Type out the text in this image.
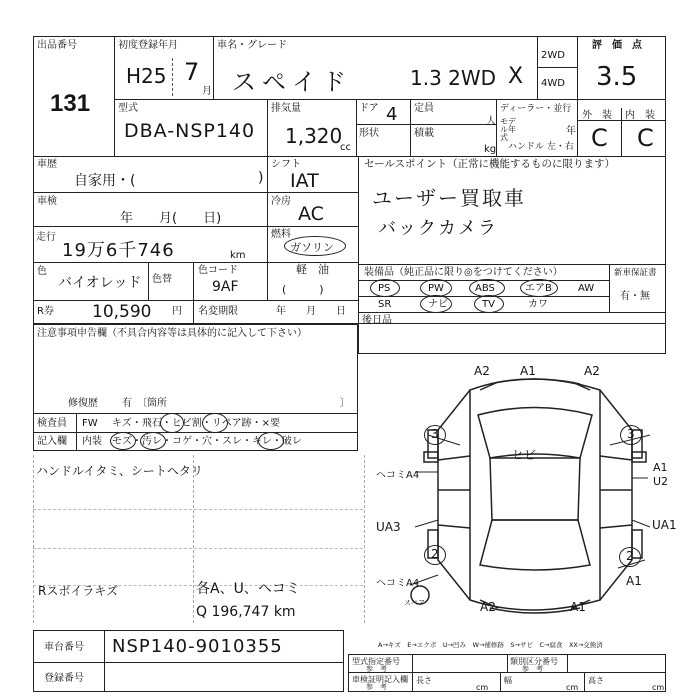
出品番号
131
初度登録年月
H25 7
月
車名・グレード
スペイド	1.3 2WD X
2WD
4WD
評　価　点
3.5
型式
DBA-NSP140
排気量
1,320
cc
ドア 4
形状
定員
人
積載
kg
ディーラー・並行
モデル年式
年
ハンドル 左・右
外　装 内　装
C C
車歴
自家用・(	)
車検
年　　月(　　日)
走行
19万6千746	km
色
バイオレッド 色替
色コード
9AF
R券 10,590 円 名変期限	年　　月　　日
シフト
IAT
冷房
AC
燃料
ガソリン
軽　油
(　　　)
セールスポイント（正常に機能するものに限ります）
ユーザー買取車
バックカメラ
装備品（純正品に限り◎をつけてください）
PS	PW	ABS	エアB	AW
SR	ナビ	TV	カワ
新車保証書
有・無
後日品
注意事項申告欄（不具合内容等は具体的に記入して下さい）
修復歴 有　〔箇所	〕
検査員 FW キズ・飛石・ヒビ割・リペア跡・×要
記入欄 内装　モズ・汚レ・コゲ・穴・スレ・キレ・破レ
ハンドルイタミ、シートヘタリ
Rスポイラキズ	各A、U、ヘコミ
Q 196,747 km
A2	A1	A2
3	3
ヒビ
A1
U2
ヘコミA4
UA3	UA1
2
ヘコミA4
2
A1
A2	A1
スペア
A→キズ　E→エクボ　U→凹み　W→補修跡　S→サビ　C→腐食　XX→交換済
車台番号 NSP140-9010355
登録番号
型式指定番号
参　考
類別区分番号
参　考
車検証明記入欄
参　考
長さ
cm
幅
cm
高さ
cm
